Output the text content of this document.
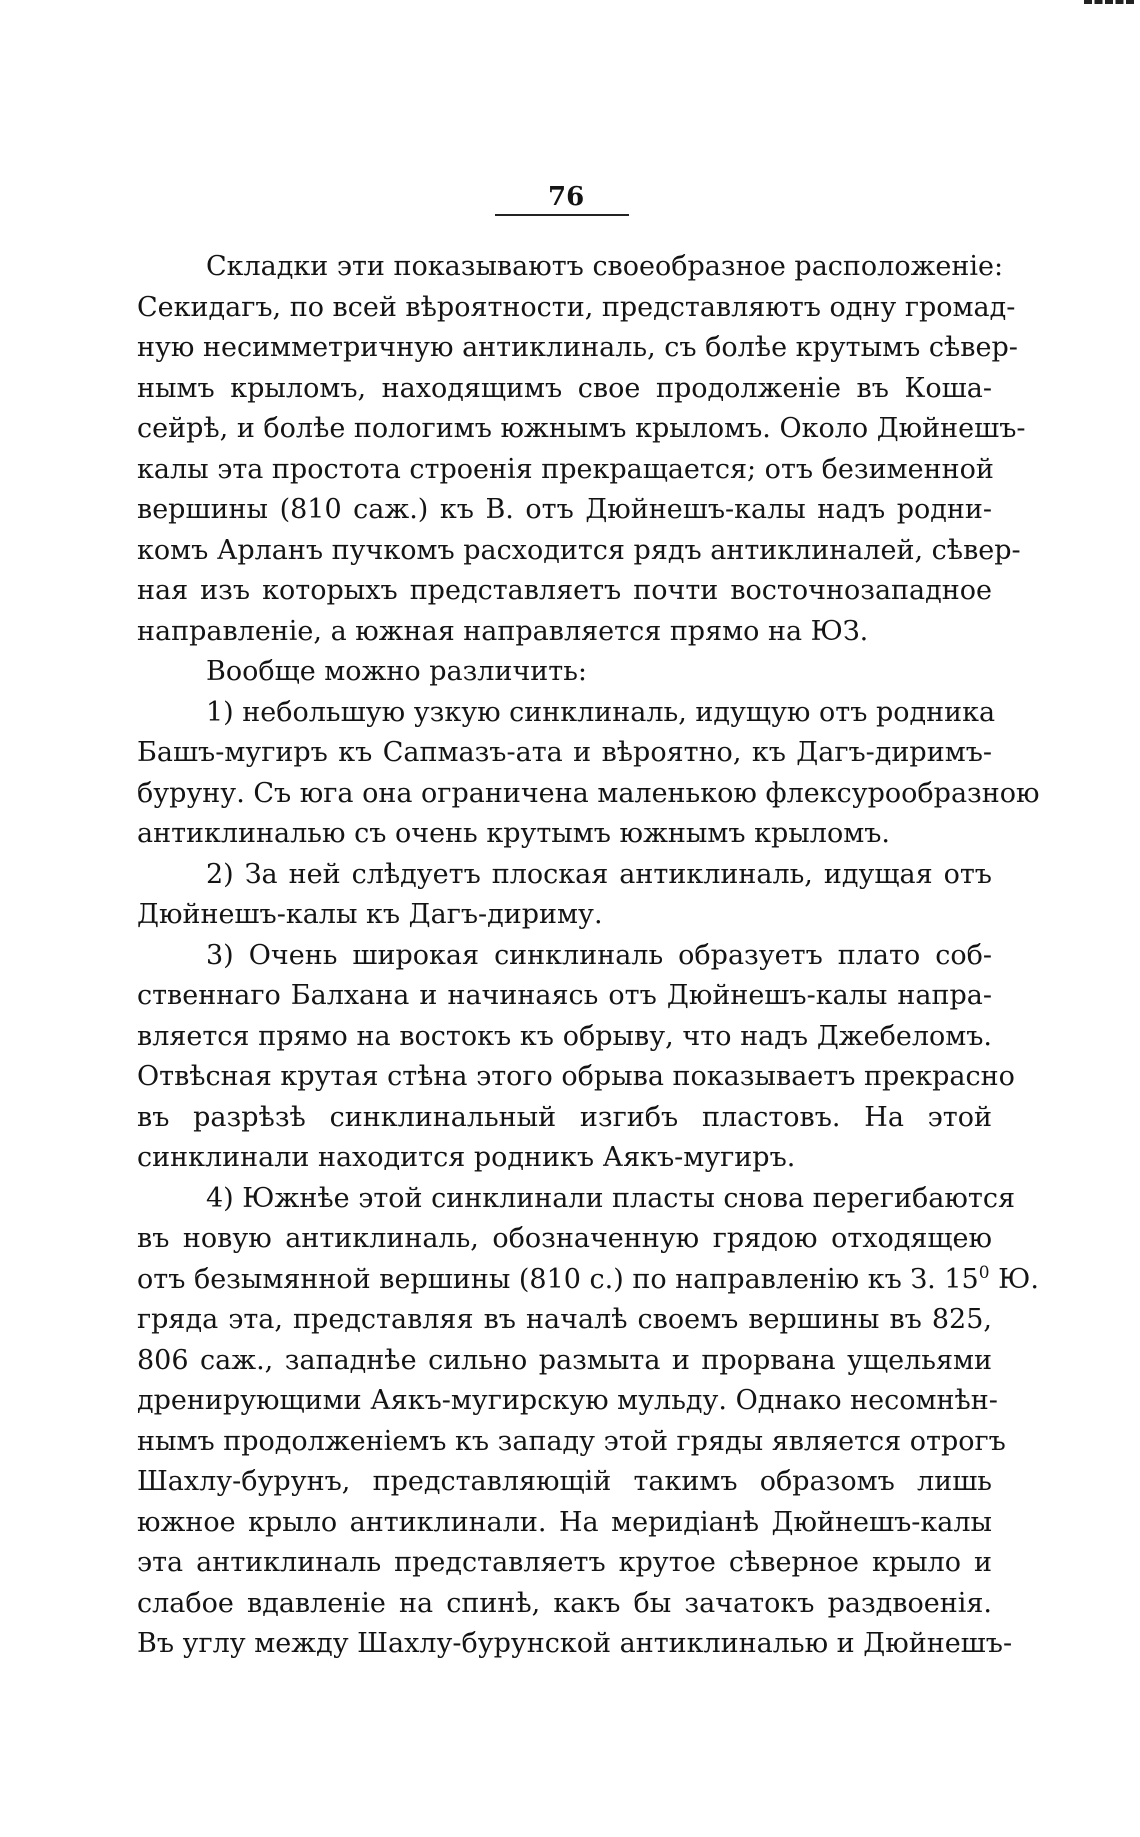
76
Складки эти показываютъ своеобразное расположенiе:
Секидагъ, по всей вѣроятности, представляютъ одну громад-
ную несимметричную антиклиналь, съ болѣе крутымъ сѣвер-
нымъ крыломъ, находящимъ свое продолженiе въ Коша-
сейрѣ, и болѣе пологимъ южнымъ крыломъ. Около Дюйнешъ-
калы эта простота строенiя прекращается; отъ безименной
вершины (810 саж.) къ В. отъ Дюйнешъ-калы надъ родни-
комъ Арланъ пучкомъ расходится рядъ антиклиналей, сѣвер-
ная изъ которыхъ представляетъ почти восточнозападное
направленiе, а южная направляется прямо на ЮЗ.
Вообще можно различить:
1) небольшую узкую синклиналь, идущую отъ родника
Башъ-мугиръ къ Сапмазъ-ата и вѣроятно, къ Дагъ-диримъ-
буруну. Съ юга она ограничена маленькою флексурообразною
антиклиналью съ очень крутымъ южнымъ крыломъ.
2) За ней слѣдуетъ плоская антиклиналь, идущая отъ
Дюйнешъ-калы къ Дагъ-дириму.
3) Очень широкая синклиналь образуетъ плато соб-
ственнаго Балхана и начинаясь отъ Дюйнешъ-калы напра-
вляется прямо на востокъ къ обрыву, что надъ Джебеломъ.
Отвѣсная крутая стѣна этого обрыва показываетъ прекрасно
въ разрѣзѣ синклинальный изгибъ пластовъ. На этой
синклинали находится родникъ Аякъ-мугиръ.
4) Южнѣе этой синклинали пласты снова перегибаются
въ новую антиклиналь, обозначенную грядою отходящею
отъ безымянной вершины (810 с.) по направленiю къ З. $15^0$ Ю.
гряда эта, представляя въ началѣ своемъ вершины въ 825,
806 саж., западнѣе сильно размыта и прорвана ущельями
дренирующими Аякъ-мугирскую мульду. Однако несомнѣн-
нымъ продолженiемъ къ западу этой гряды является отрогъ
Шахлу-бурунъ, представляющiй такимъ образомъ лишь
южное крыло антиклинали. На меридiанѣ Дюйнешъ-калы
эта антиклиналь представляетъ крутое сѣверное крыло и
слабое вдавленiе на спинѣ, какъ бы зачатокъ раздвоенiя.
Въ углу между Шахлу-бурунской антиклиналью и Дюйнешъ-
